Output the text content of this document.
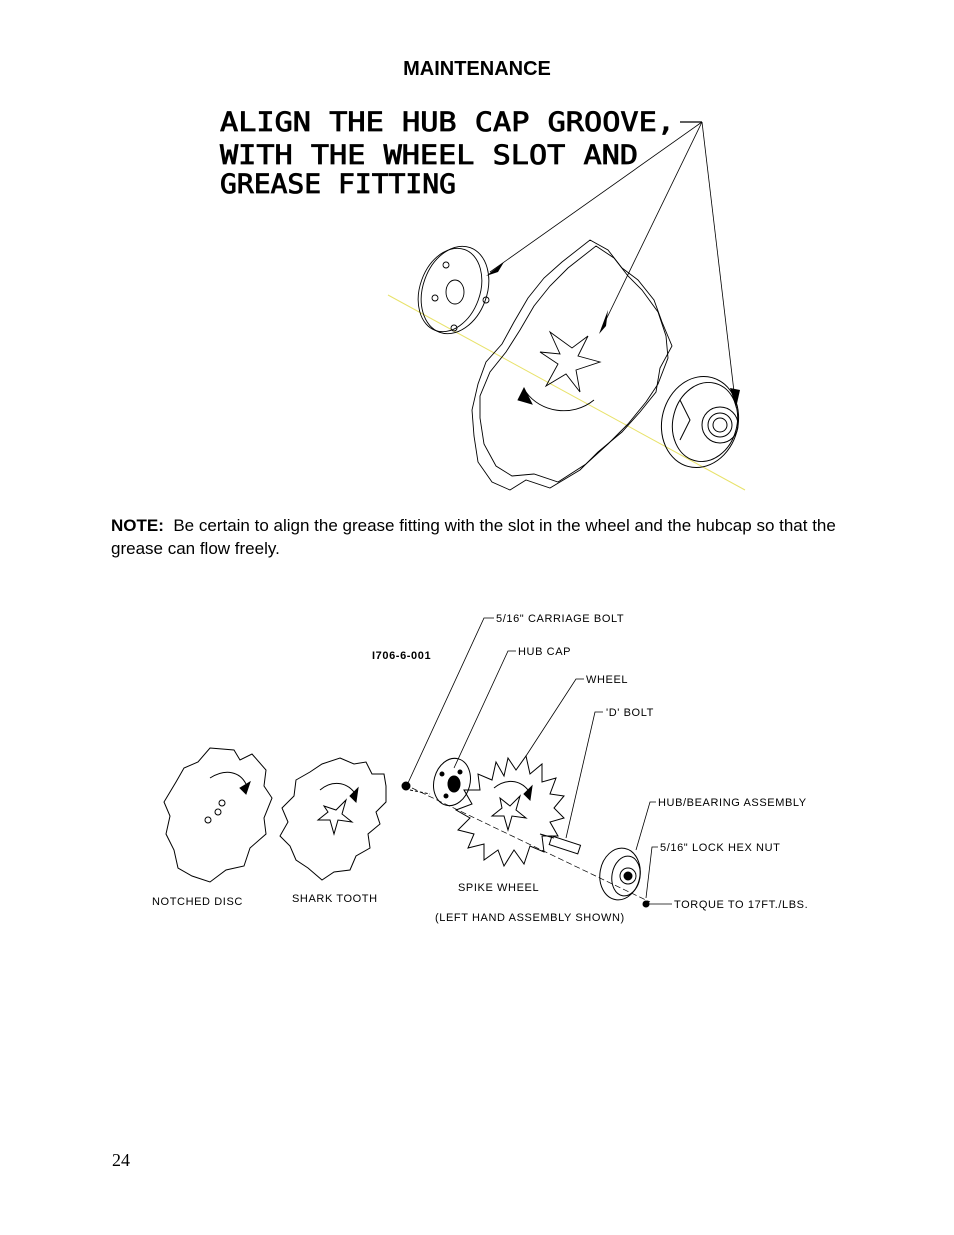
MAINTENANCE
ALIGN THE HUB CAP GROOVE,
WITH THE WHEEL SLOT AND
GREASE FITTING
NOTE: Be certain to align the grease fitting with the slot in the wheel and the hubcap so that the grease can flow freely.
I706-6-001
5/16" CARRIAGE BOLT
HUB CAP
WHEEL
'D' BOLT
HUB/BEARING ASSEMBLY
5/16" LOCK HEX NUT
TORQUE TO 17FT./LBS.
NOTCHED DISC	SHARK TOOTH
SPIKE WHEEL
(LEFT HAND ASSEMBLY SHOWN)
24
